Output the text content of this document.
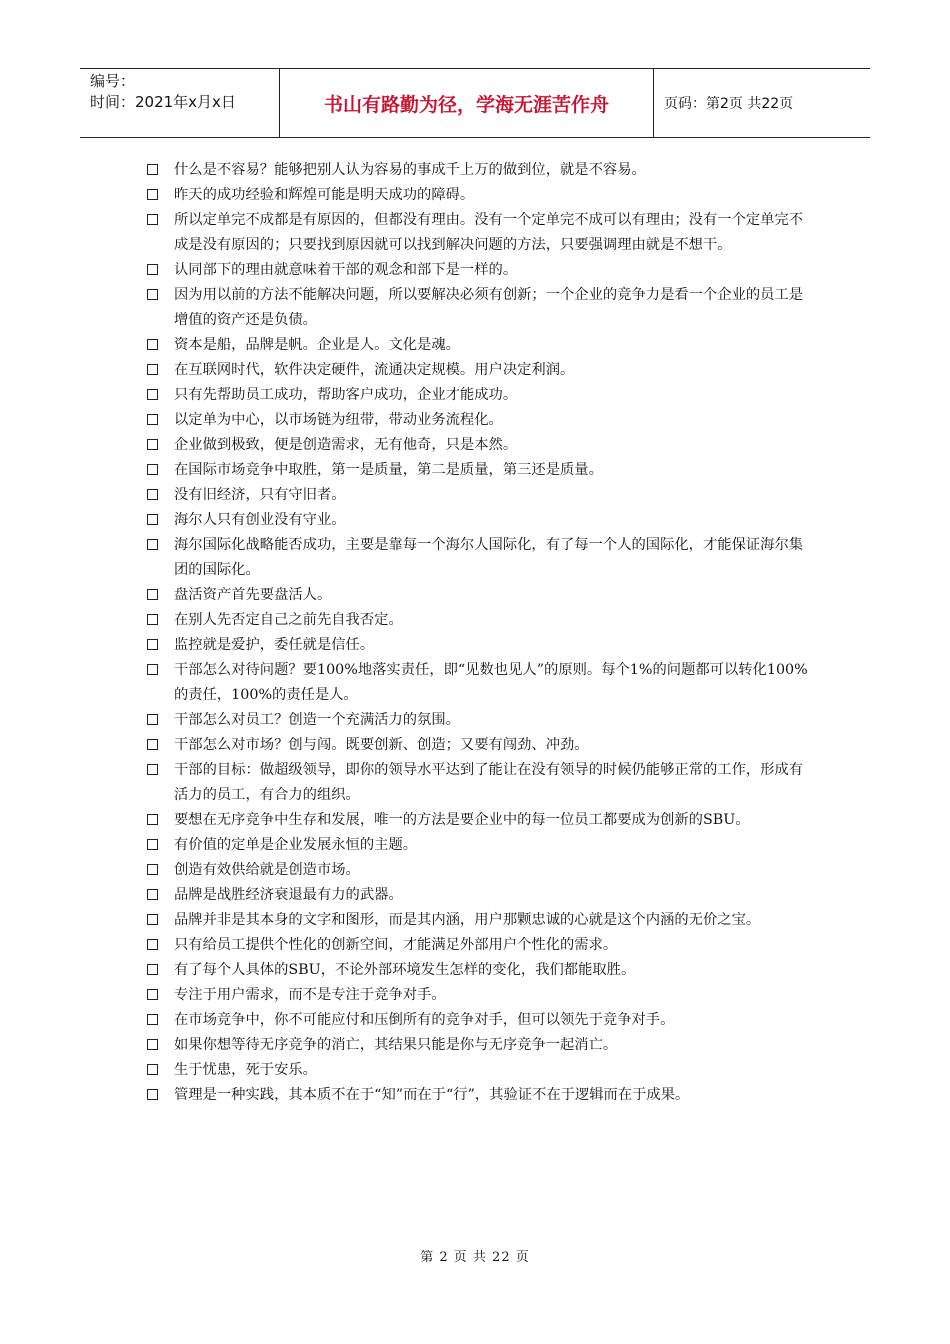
编号：
时间：2021年x月x日	书山有路勤为径，学海无涯苦作舟	页码：第2页 共22页
什么是不容易？能够把别人认为容易的事成千上万的做到位，就是不容易。
昨天的成功经验和辉煌可能是明天成功的障碍。
所以定单完不成都是有原因的，但都没有理由。没有一个定单完不成可以有理由；没有一个定单完不成是没有原因的；只要找到原因就可以找到解决问题的方法，只要强调理由就是不想干。
认同部下的理由就意味着干部的观念和部下是一样的。
因为用以前的方法不能解决问题，所以要解决必须有创新；一个企业的竞争力是看一个企业的员工是增值的资产还是负债。
资本是船，品牌是帆。企业是人。文化是魂。
在互联网时代，软件决定硬件，流通决定规模。用户决定利润。
只有先帮助员工成功，帮助客户成功，企业才能成功。
以定单为中心，以市场链为纽带，带动业务流程化。
企业做到极致，便是创造需求，无有他奇，只是本然。
在国际市场竞争中取胜，第一是质量，第二是质量，第三还是质量。
没有旧经济，只有守旧者。
海尔人只有创业没有守业。
海尔国际化战略能否成功，主要是靠每一个海尔人国际化，有了每一个人的国际化，才能保证海尔集团的国际化。
盘活资产首先要盘活人。
在别人先否定自己之前先自我否定。
监控就是爱护，委任就是信任。
干部怎么对待问题？要100%地落实责任，即“见数也见人”的原则。每个1%的问题都可以转化100%的责任，100%的责任是人。
干部怎么对员工？创造一个充满活力的氛围。
干部怎么对市场？创与闯。既要创新、创造；又要有闯劲、冲劲。
干部的目标：做超级领导，即你的领导水平达到了能让在没有领导的时候仍能够正常的工作，形成有活力的员工，有合力的组织。
要想在无序竞争中生存和发展，唯一的方法是要企业中的每一位员工都要成为创新的SBU。
有价值的定单是企业发展永恒的主题。
创造有效供给就是创造市场。
品牌是战胜经济衰退最有力的武器。
品牌并非是其本身的文字和图形，而是其内涵，用户那颗忠诚的心就是这个内涵的无价之宝。
只有给员工提供个性化的创新空间，才能满足外部用户个性化的需求。
有了每个人具体的SBU，不论外部环境发生怎样的变化，我们都能取胜。
专注于用户需求，而不是专注于竞争对手。
在市场竞争中，你不可能应付和压倒所有的竞争对手，但可以领先于竞争对手。
如果你想等待无序竞争的消亡，其结果只能是你与无序竞争一起消亡。
生于忧患，死于安乐。
管理是一种实践，其本质不在于“知”而在于“行”，其验证不在于逻辑而在于成果。
第 2 页 共 22 页
